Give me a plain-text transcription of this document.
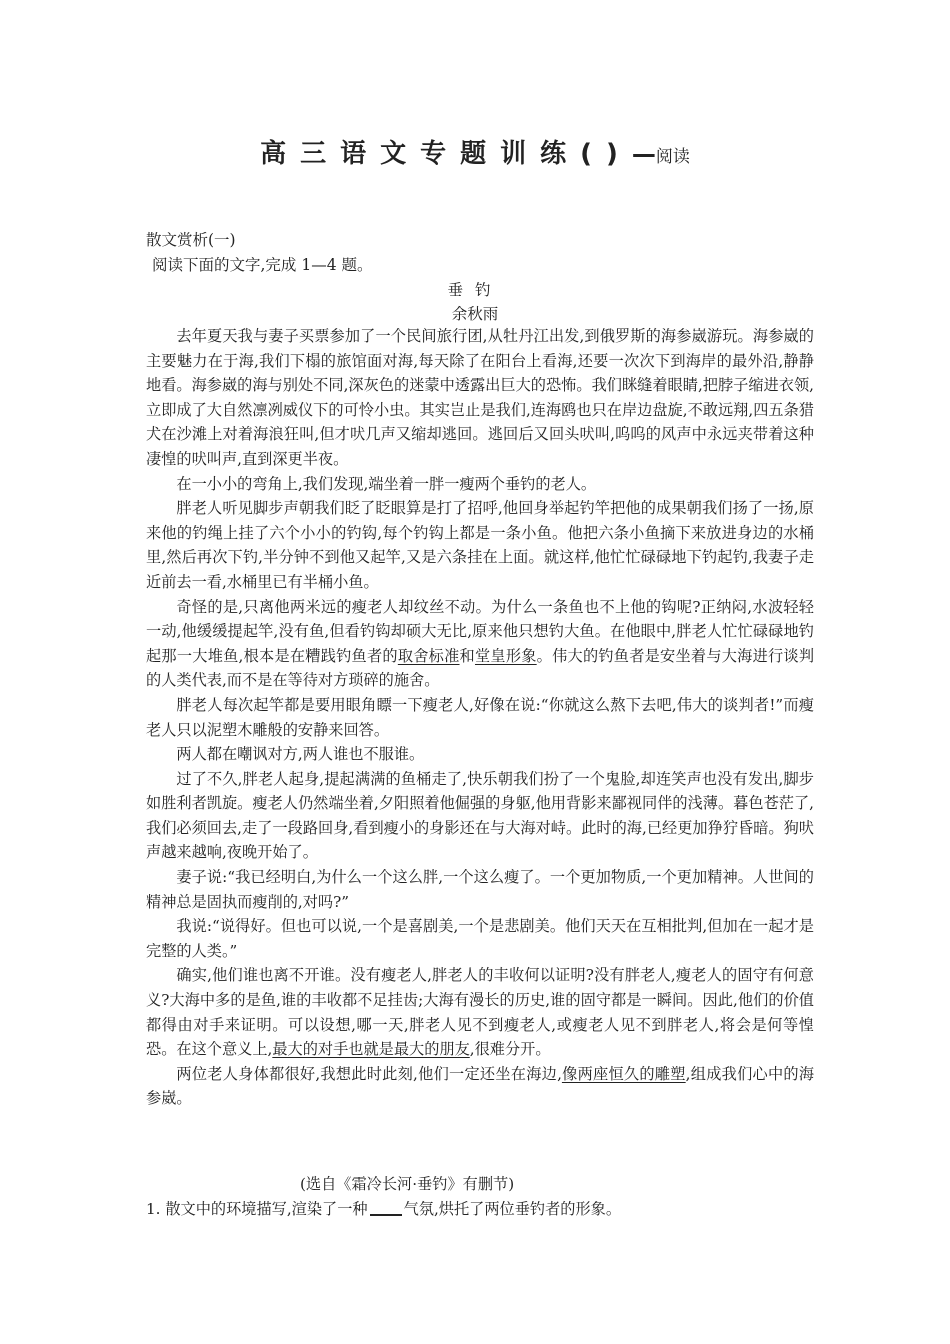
高三语文专题训练()—阅读
散文赏析(一)
阅读下面的文字,完成 1—4 题。
垂钓
余秋雨

去年夏天我与妻子买票参加了一个民间旅行团,从牡丹江出发,到俄罗斯的海参崴游玩。海参崴的主要魅力在于海,我们下榻的旅馆面对海,每天除了在阳台上看海,还要一次次下到海岸的最外沿,静静地看。海参崴的海与别处不同,深灰色的迷蒙中透露出巨大的恐怖。我们眯缝着眼睛,把脖子缩进衣领,立即成了大自然凛冽威仪下的可怜小虫。其实岂止是我们,连海鸥也只在岸边盘旋,不敢远翔,四五条猎犬在沙滩上对着海浪狂叫,但才吠几声又缩却逃回。逃回后又回头吠叫,呜呜的风声中永远夹带着这种凄惶的吠叫声,直到深更半夜。

在一小小的弯角上,我们发现,端坐着一胖一瘦两个垂钓的老人。

胖老人听见脚步声朝我们眨了眨眼算是打了招呼,他回身举起钓竿把他的成果朝我们扬了一扬,原来他的钓绳上挂了六个小小的钓钩,每个钓钩上都是一条小鱼。他把六条小鱼摘下来放进身边的水桶里,然后再次下钓,半分钟不到他又起竿,又是六条挂在上面。就这样,他忙忙碌碌地下钓起钓,我妻子走近前去一看,水桶里已有半桶小鱼。

奇怪的是,只离他两米远的瘦老人却纹丝不动。为什么一条鱼也不上他的钩呢?正纳闷,水波轻轻一动,他缓缓提起竿,没有鱼,但看钓钩却硕大无比,原来他只想钓大鱼。在他眼中,胖老人忙忙碌碌地钓起那一大堆鱼,根本是在糟践钓鱼者的取舍标准和堂皇形象。伟大的钓鱼者是安坐着与大海进行谈判的人类代表,而不是在等待对方琐碎的施舍。

胖老人每次起竿都是要用眼角瞟一下瘦老人,好像在说:“你就这么熬下去吧,伟大的谈判者!”而瘦老人只以泥塑木雕般的安静来回答。

两人都在嘲讽对方,两人谁也不服谁。

过了不久,胖老人起身,提起满满的鱼桶走了,快乐朝我们扮了一个鬼脸,却连笑声也没有发出,脚步如胜利者凯旋。瘦老人仍然端坐着,夕阳照着他倔强的身躯,他用背影来鄙视同伴的浅薄。暮色苍茫了,我们必须回去,走了一段路回身,看到瘦小的身影还在与大海对峙。此时的海,已经更加狰狞昏暗。狗吠声越来越响,夜晚开始了。

妻子说:“我已经明白,为什么一个这么胖,一个这么瘦了。一个更加物质,一个更加精神。人世间的精神总是固执而瘦削的,对吗?”

我说:“说得好。但也可以说,一个是喜剧美,一个是悲剧美。他们天天在互相批判,但加在一起才是完整的人类。”

确实,他们谁也离不开谁。没有瘦老人,胖老人的丰收何以证明?没有胖老人,瘦老人的固守有何意义?大海中多的是鱼,谁的丰收都不足挂齿;大海有漫长的历史,谁的固守都是一瞬间。因此,他们的价值都得由对手来证明。可以设想,哪一天,胖老人见不到瘦老人,或瘦老人见不到胖老人,将会是何等惶恐。在这个意义上,最大的对手也就是最大的朋友,很难分开。

两位老人身体都很好,我想此时此刻,他们一定还坐在海边,像两座恒久的雕塑,组成我们心中的海参崴。

(选自《霜冷长河·垂钓》有删节)
1. 散文中的环境描写,渲染了一种 气氛,烘托了两位垂钓者的形象。
